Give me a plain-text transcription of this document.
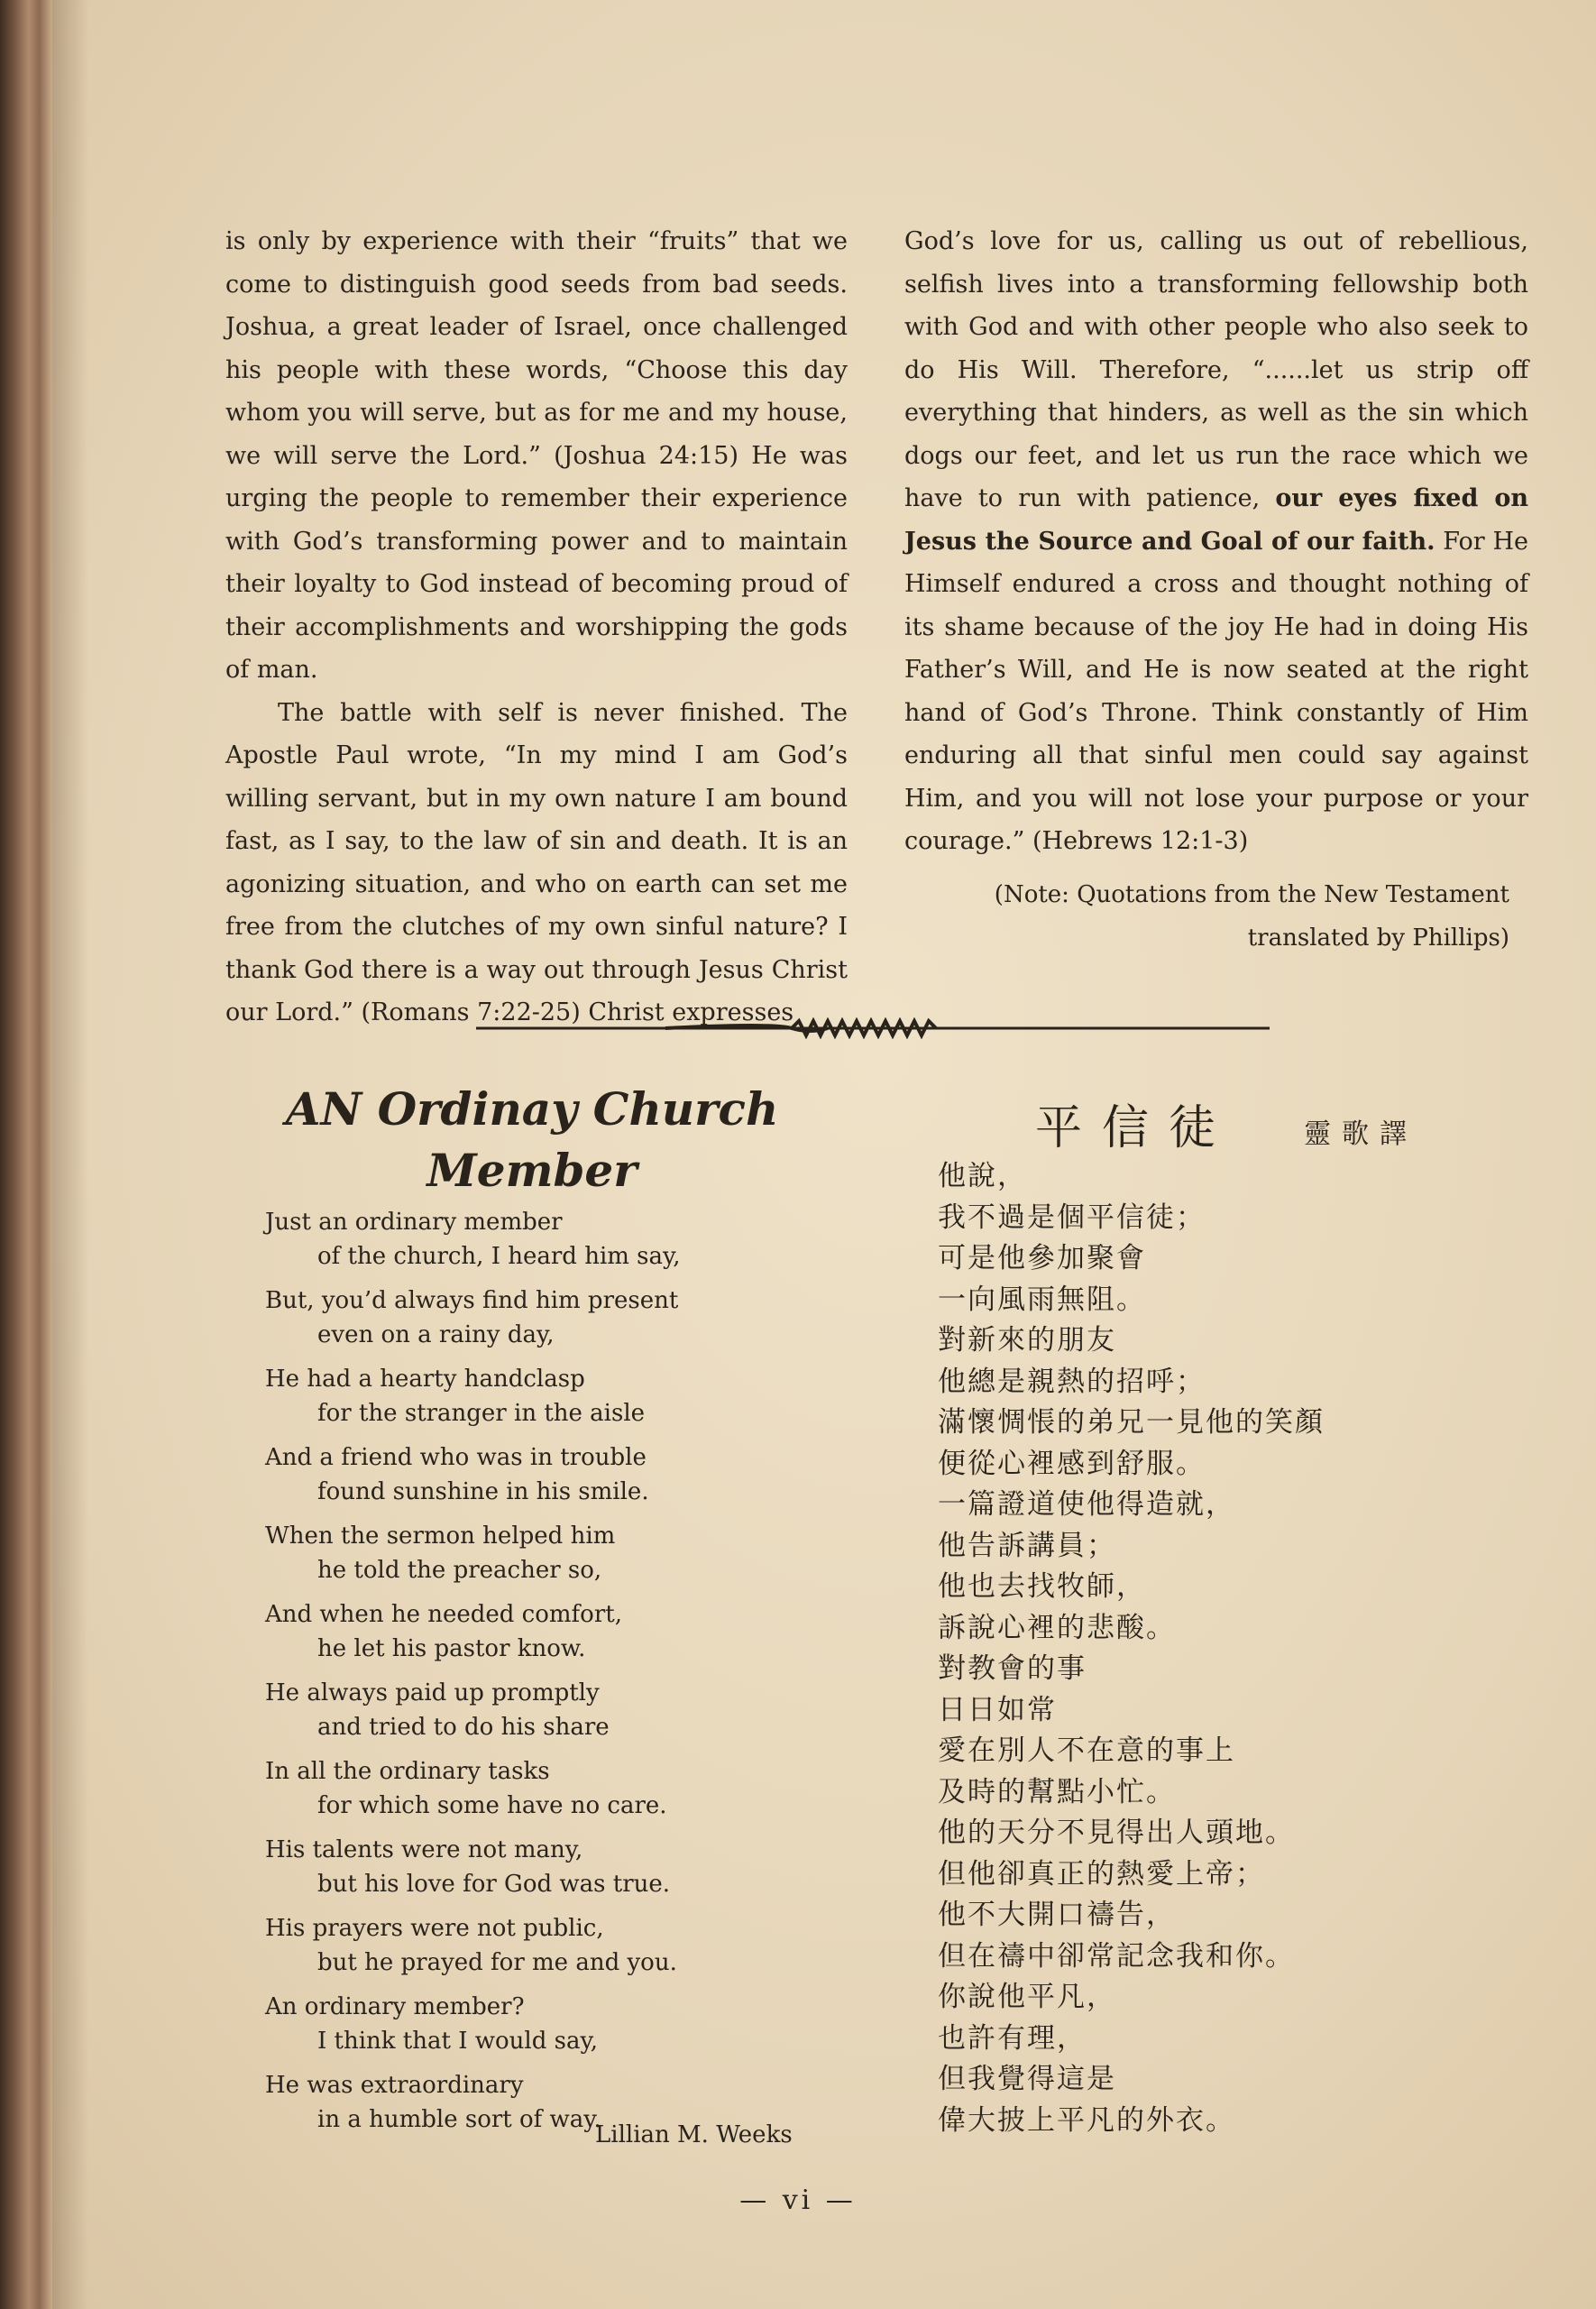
is only by experience with their “fruits” that we come to distinguish good seeds from bad seeds. Joshua, a great leader of Israel, once challenged his people with these words, “Choose this day whom you will serve, but as for me and my house, we will serve the Lord.” (Joshua 24:15) He was urging the people to remember their experience with God’s transforming power and to maintain their loyalty to God instead of becoming proud of their accomplishments and worshipping the gods of man.

The battle with self is never finished. The Apostle Paul wrote, “In my mind I am God’s willing servant, but in my own nature I am bound fast, as I say, to the law of sin and death. It is an agonizing situation, and who on earth can set me free from the clutches of my own sinful nature? I thank God there is a way out through Jesus Christ our Lord.” (Romans 7:22-25) Christ expresses

God’s love for us, calling us out of rebellious, selfish lives into a transforming fellowship both with God and with other people who also seek to do His Will. Therefore, “......let us strip off everything that hinders, as well as the sin which dogs our feet, and let us run the race which we have to run with patience, our eyes fixed on Jesus the Source and Goal of our faith. For He Himself endured a cross and thought nothing of its shame because of the joy He had in doing His Father’s Will, and He is now seated at the right hand of God’s Throne. Think constantly of Him enduring all that sinful men could say against Him, and you will not lose your purpose or your courage.” (Hebrews 12:1-3)

(Note: Quotations from the New Testament
translated by Phillips)
AN Ordinay Church
Member
Just an ordinary member
of the church, I heard him say,
But, you’d always find him present
even on a rainy day,
He had a hearty handclasp
for the stranger in the aisle
And a friend who was in trouble
found sunshine in his smile.
When the sermon helped him
he told the preacher so,
And when he needed comfort,
he let his pastor know.
He always paid up promptly
and tried to do his share
In all the ordinary tasks
for which some have no care.
His talents were not many,
but his love for God was true.
His prayers were not public,
but he prayed for me and you.
An ordinary member?
I think that I would say,
He was extraordinary
in a humble sort of way.
Lillian M. Weeks
平信徒	靈歌譯
他說，
我不過是個平信徒；
可是他參加聚會
一向風雨無阻。
對新來的朋友
他總是親熱的招呼；
滿懷惆悵的弟兄一見他的笑顏
便從心裡感到舒服。
一篇證道使他得造就，
他告訴講員；
他也去找牧師，
訴說心裡的悲酸。
對教會的事
日日如常
愛在別人不在意的事上
及時的幫點小忙。
他的天分不見得出人頭地。
但他卻真正的熱愛上帝；
他不大開口禱告，
但在禱中卻常記念我和你。
你說他平凡，
也許有理，
但我覺得這是
偉大披上平凡的外衣。
— vi —
